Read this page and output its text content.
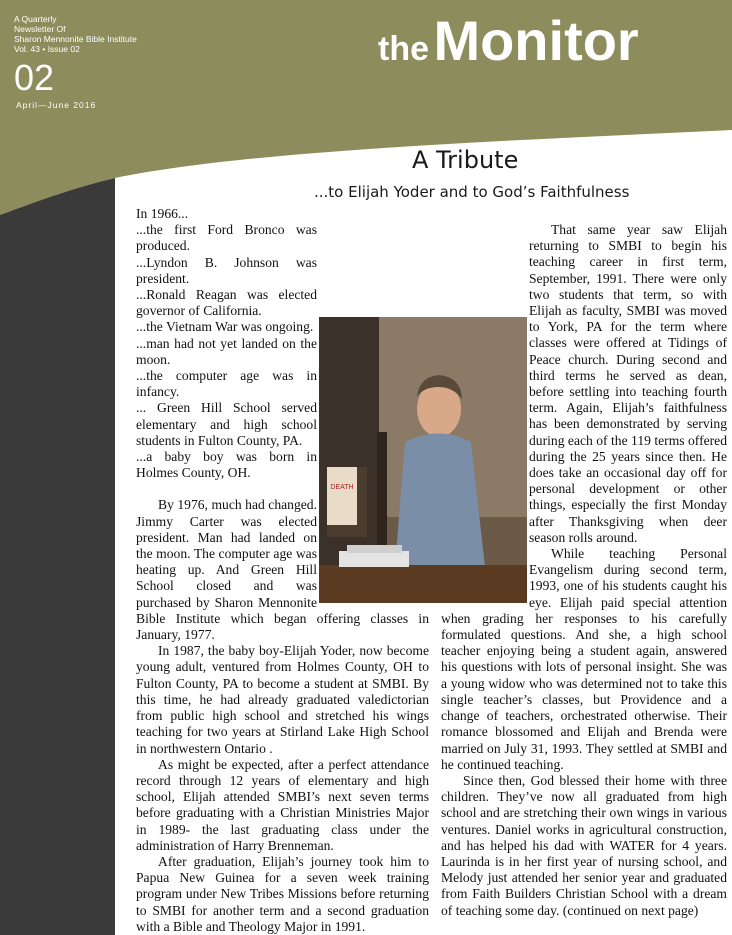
A Quarterly
Newsletter Of
Sharon Mennonite Bible Institute
Vol. 43 • Issue 02
02
April—June 2016
the Monitor
A Tribute
...to Elijah Yoder and to God’s Faithfulness

In 1966...

...the first Ford Bronco was produced.

...Lyndon B. Johnson was president.

...Ronald Reagan was elected governor of California.

...the Vietnam War was ongoing.

...man had not yet landed on the moon.

...the computer age was in infancy.

... Green Hill School served elementary and high school students in Fulton County, PA.

...a baby boy was born in Holmes County, OH.

By 1976, much had changed. Jimmy Carter was elected president. Man had landed on the moon. The computer age was heating up. And Green Hill School closed and was purchased by Sharon Mennonite Bible Institute which began offering classes in January, 1977.

In 1987, the baby boy-Elijah Yoder, now become young adult, ventured from Holmes County, OH to Fulton County, PA to become a student at SMBI. By this time, he had already graduated valedictorian from public high school and stretched his wings teaching for two years at Stirland Lake High School in northwestern Ontario .

As might be expected, after a perfect attendance record through 12 years of elementary and high school, Elijah attended SMBI’s next seven terms before graduating with a Christian Ministries Major in 1989- the last graduating class under the administration of Harry Brenneman.

After graduation, Elijah’s journey took him to Papua New Guinea for a seven week training program under New Tribes Missions before returning to SMBI for another term and a second graduation with a Bible and Theology Major in 1991.

That same year saw Elijah returning to SMBI to begin his teaching career in first term, September, 1991. There were only two students that term, so with Elijah as faculty, SMBI was moved to York, PA for the term where classes were offered at Tidings of Peace church. During second and third terms he served as dean, before settling into teaching fourth term. Again, Elijah’s faithfulness has been demonstrated by serving during each of the 119 terms offered during the 25 years since then. He does take an occasional day off for personal development or other things, especially the first Monday after Thanksgiving when deer season rolls around.

While teaching Personal Evangelism during second term, 1993, one of his students caught his eye. Elijah paid special attention when grading her responses to his carefully formulated questions. And she, a high school teacher enjoying being a student again, answered his questions with lots of personal insight. She was a young widow who was determined not to take this single teacher’s classes, but Providence and a change of teachers, orchestrated otherwise. Their romance blossomed and Elijah and Brenda were married on July 31, 1993. They settled at SMBI and he continued teaching.

Since then, God blessed their home with three children. They’ve now all graduated from high school and are stretching their own wings in various ventures. Daniel works in agricultural construction, and has helped his dad with WATER for 4 years. Laurinda is in her first year of nursing school, and Melody just attended her senior year and graduated from Faith Builders Christian School with a dream of teaching some day. (continued on next page)

DEATH
